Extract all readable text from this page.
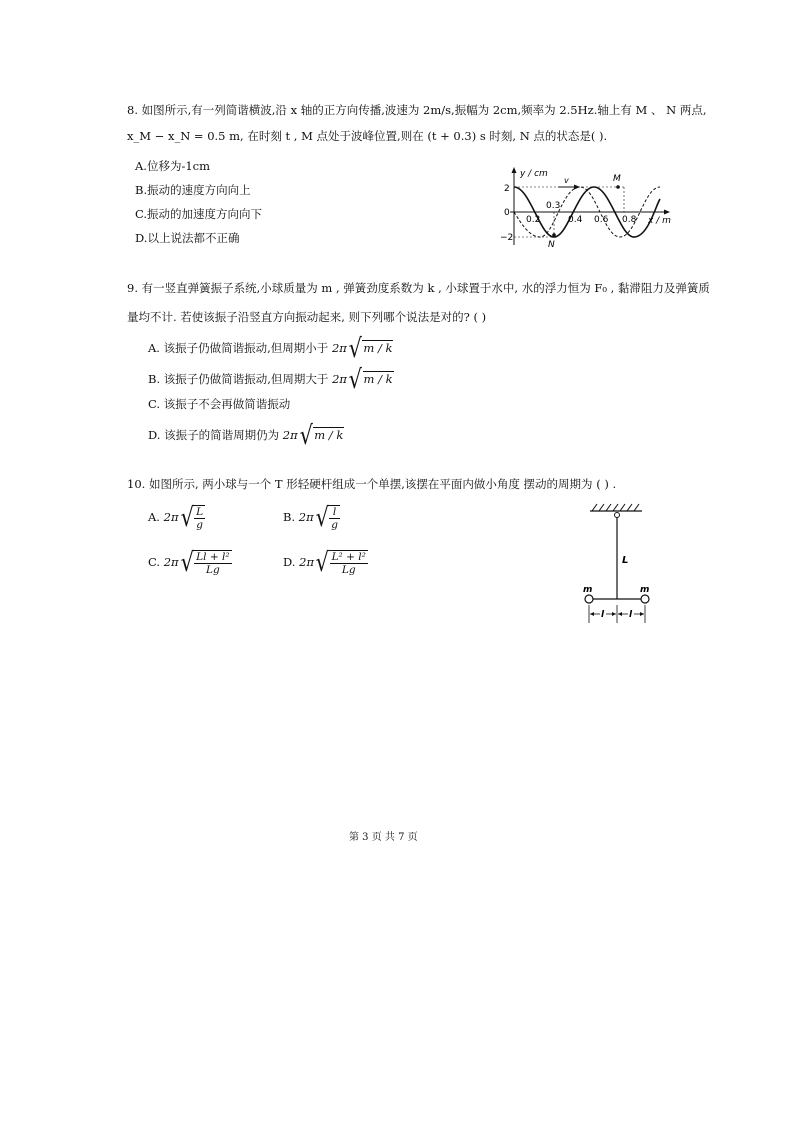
8. 如图所示,有一列简谐横波,沿 x 轴的正方向传播,波速为 2m/s,振幅为 2cm,频率为 2.5Hz.轴上有 M 、 N 两点,
x_M − x_N = 0.5 m, 在时刻 t , M 点处于波峰位置,则在 (t + 0.3) s 时刻, N 点的状态是( ).
A.位移为-1cm
B.振动的速度方向向上
C.振动的加速度方向向下
D.以上说法都不正确
y / cm
x / m
v	M
N
2
0
−2
0.2
0.3
0.4 0.6 0.8
9. 有一竖直弹簧振子系统,小球质量为 m , 弹簧劲度系数为 k , 小球置于水中, 水的浮力恒为 F₀ , 黏滞阻力及弹簧质
量均不计. 若使该振子沿竖直方向振动起来, 则下列哪个说法是对的? ( )
A. 该振子仍做简谐振动,但周期小于 2π√ m / k
B. 该振子仍做简谐振动,但周期大于 2π√ m / k
C. 该振子不会再做简谐振动
D. 该振子的简谐周期仍为 2π√ m / k
10. 如图所示, 两小球与一个 T 形轻硬杆组成一个单摆,该摆在平面内做小角度 摆动的周期为 ( ) .
A. $2\pi√ \frac{L}{g}$	B. $2\pi√ \frac{l}{g}$
C. $2\pi√ \frac{\text{Ll + l²}}{Lg}$	D. $2\pi√ \frac{\text{L² + l²}}{Lg}$	L
m	m
l	l
第 3 页 共 7 页
